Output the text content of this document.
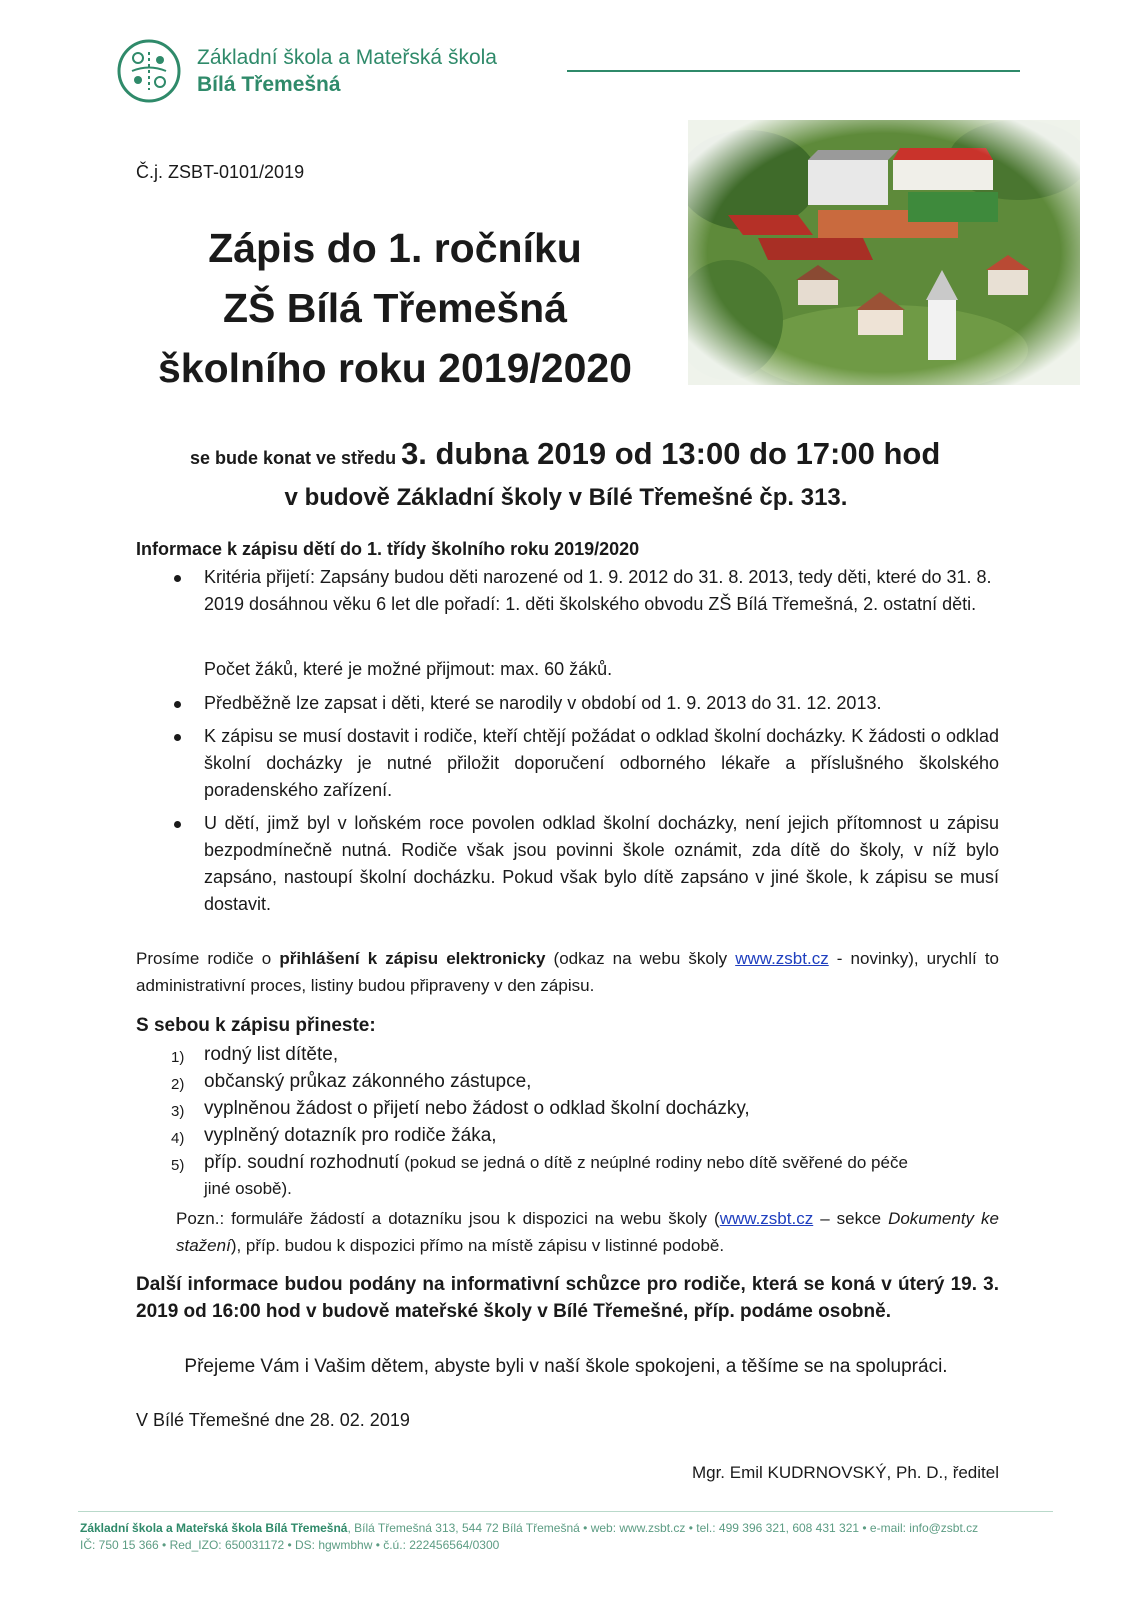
Základní škola a Mateřská škola
Bílá Třemešná
Č.j. ZSBT-0101/2019
Zápis do 1. ročníku
ZŠ Bílá Třemešná
školního roku 2019/2020
se bude konat ve středu 3. dubna 2019 od 13:00 do 17:00 hod
v budově Základní školy v Bílé Třemešné čp. 313.
Informace k zápisu dětí do 1. třídy školního roku 2019/2020
Kritéria přijetí: Zapsány budou děti narozené od 1. 9. 2012 do 31. 8. 2013, tedy děti, které do 31. 8. 2019 dosáhnou věku 6 let dle pořadí: 1. děti školského obvodu ZŠ Bílá Třemešná, 2. ostatní děti.
Počet žáků, které je možné přijmout: max. 60 žáků.
Předběžně lze zapsat i děti, které se narodily v období od 1. 9. 2013 do 31. 12. 2013.
K zápisu se musí dostavit i rodiče, kteří chtějí požádat o odklad školní docházky. K žádosti o odklad školní docházky je nutné přiložit doporučení odborného lékaře a příslušného školského poradenského zařízení.
U dětí, jimž byl v loňském roce povolen odklad školní docházky, není jejich přítomnost u zápisu bezpodmínečně nutná. Rodiče však jsou povinni škole oznámit, zda dítě do školy, v níž bylo zapsáno, nastoupí školní docházku. Pokud však bylo dítě zapsáno v jiné škole, k zápisu se musí dostavit.
Prosíme rodiče o přihlášení k zápisu elektronicky (odkaz na webu školy www.zsbt.cz - novinky), urychlí to administrativní proces, listiny budou připraveny v den zápisu.
S sebou k zápisu přineste:
1) rodný list dítěte,
2) občanský průkaz zákonného zástupce,
3) vyplněnou žádost o přijetí nebo žádost o odklad školní docházky,
4) vyplněný dotazník pro rodiče žáka,
5) příp. soudní rozhodnutí (pokud se jedná o dítě z neúplné rodiny nebo dítě svěřené do péče
jiné osobě).
Pozn.: formuláře žádostí a dotazníku jsou k dispozici na webu školy (www.zsbt.cz – sekce Dokumenty ke stažení), příp. budou k dispozici přímo na místě zápisu v listinné podobě.
Další informace budou podány na informativní schůzce pro rodiče, která se koná v úterý 19. 3. 2019 od 16:00 hod v budově mateřské školy v Bílé Třemešné, příp. podáme osobně.
Přejeme Vám i Vašim dětem, abyste byli v naší škole spokojeni, a těšíme se na spolupráci.
V Bílé Třemešné dne 28. 02. 2019
Mgr. Emil KUDRNOVSKÝ, Ph. D., ředitel
Základní škola a Mateřská škola Bílá Třemešná, Bílá Třemešná 313, 544 72 Bílá Třemešná • web: www.zsbt.cz • tel.: 499 396 321, 608 431 321 • e-mail: info@zsbt.cz
IČ: 750 15 366 • Red_IZO: 650031172 • DS: hgwmbhw • č.ú.: 222456564/0300
